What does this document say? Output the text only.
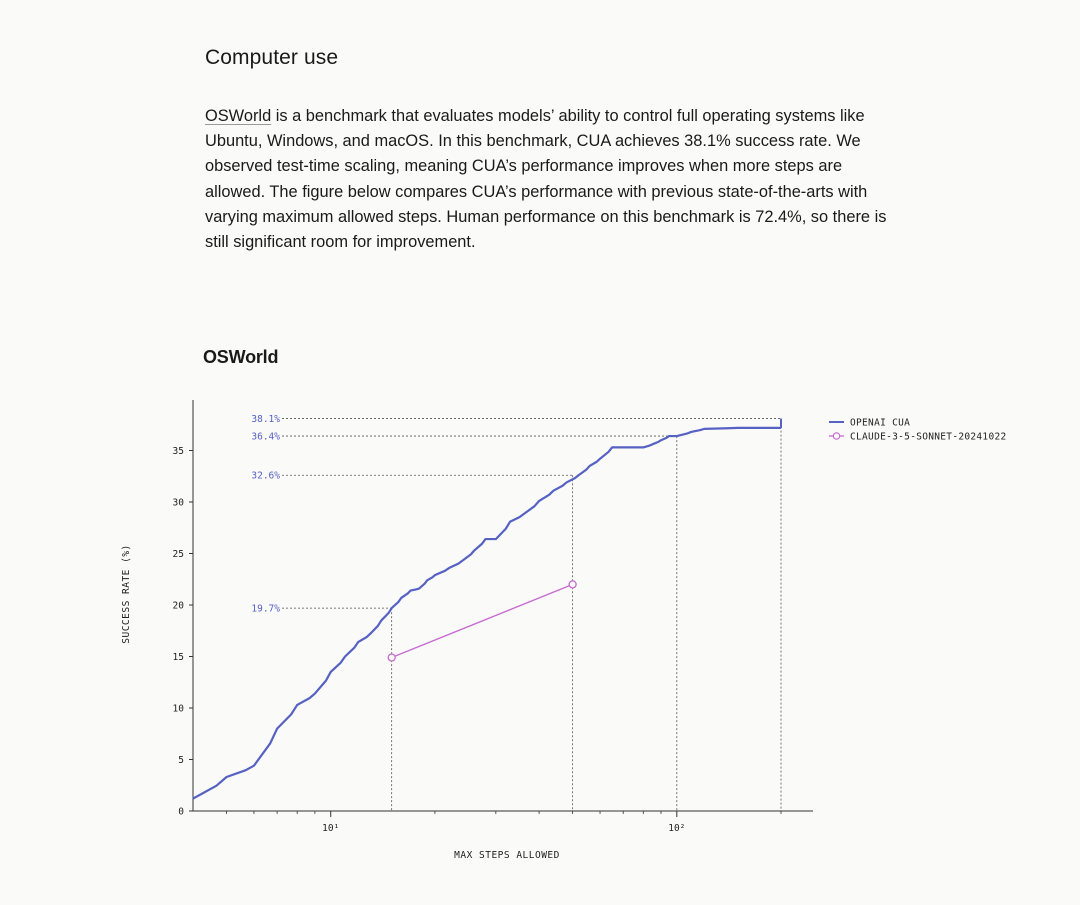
Computer use

OSWorld is a benchmark that evaluates models’ ability to control full operating systems like Ubuntu, Windows, and macOS. In this benchmark, CUA achieves 38.1% success rate. We observed test-time scaling, meaning CUA’s performance improves when more steps are allowed. The figure below compares CUA’s performance with previous state-of-the-arts with varying maximum allowed steps. Human performance on this benchmark is 72.4%, so there is still significant room for improvement.

OSWorld
38.1%
36.4%
32.6%
19.7%
0
5
10
15
20
25
30
35
10¹	10²
MAX STEPS ALLOWED
SUCCESS RATE (%)
OPENAI CUA
CLAUDE-3-5-SONNET-20241022
